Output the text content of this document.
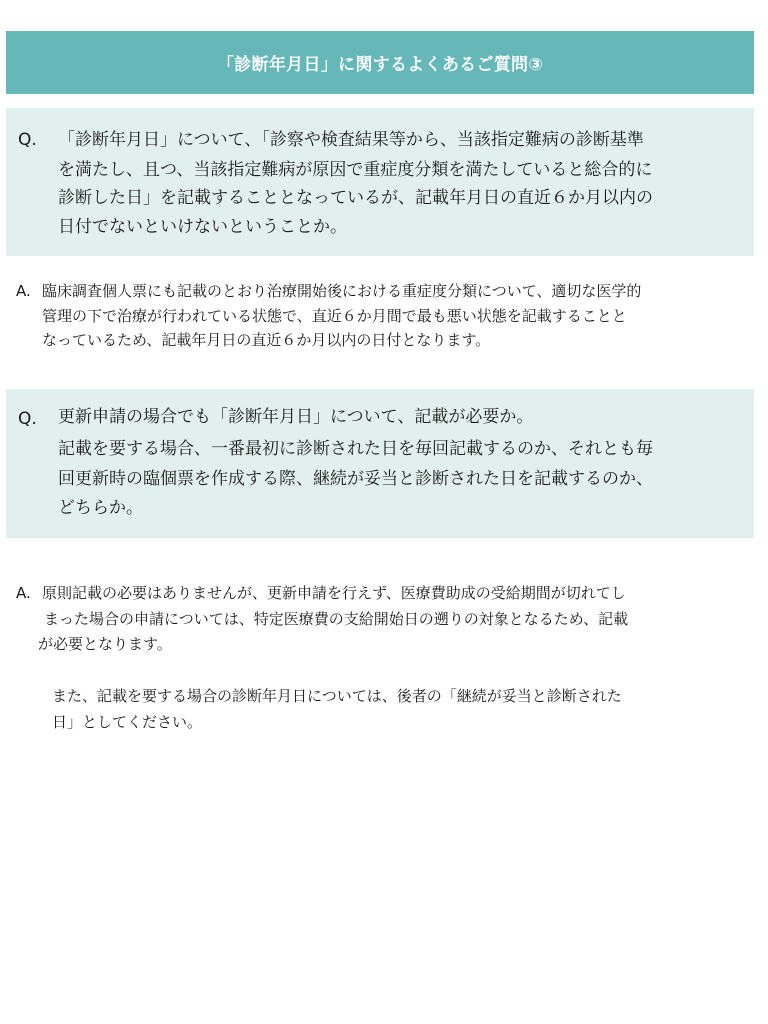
「診断年月日」に関するよくあるご質問③
Q. 「診断年月日」について、「診察や検査結果等から、当該指定難病の診断基準
を満たし、且つ、当該指定難病が原因で重症度分類を満たしていると総合的に
診断した日」を記載することとなっているが、記載年月日の直近６か月以内の
日付でないといけないということか。
A. 臨床調査個人票にも記載のとおり治療開始後における重症度分類について、適切な医学的
管理の下で治療が行われている状態で、直近６か月間で最も悪い状態を記載することと
なっているため、記載年月日の直近６か月以内の日付となります。
Q. 更新申請の場合でも「診断年月日」について、記載が必要か。
記載を要する場合、一番最初に診断された日を毎回記載するのか、それとも毎
回更新時の臨個票を作成する際、継続が妥当と診断された日を記載するのか、
どちらか。
A. 原則記載の必要はありませんが、更新申請を行えず、医療費助成の受給期間が切れてし
まった場合の申請については、特定医療費の支給開始日の遡りの対象となるため、記載
が必要となります。
また、記載を要する場合の診断年月日については、後者の「継続が妥当と診断された
日」としてください。
